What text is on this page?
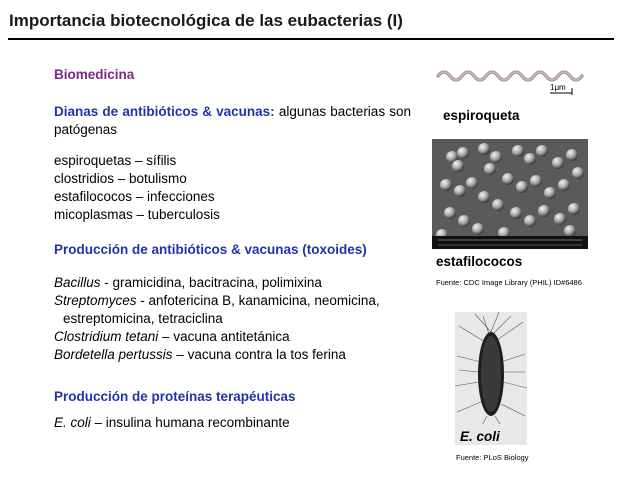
Importancia biotecnológica de las eubacterias (I)
Biomedicina
Dianas de antibióticos & vacunas: algunas bacterias son patógenas
espiroquetas – sífilis
clostridios – botulismo
estafilococos – infecciones
micoplasmas – tuberculosis
Producción de antibióticos & vacunas (toxoides)
Bacillus - gramicidina, bacitracina, polimixina
Streptomyces - anfotericina B, kanamicina, neomicina,
estreptomicina, tetraciclina
Clostridium tetani – vacuna antitetánica
Bordetella pertussis – vacuna contra la tos ferina
Producción de proteínas terapéuticas
E. coli – insulina humana recombinante
1μm
espiroqueta
estafilococos
Fuente: CDC Image Library (PHIL) ID#6486
E. coli
Fuente: PLoS Biology
